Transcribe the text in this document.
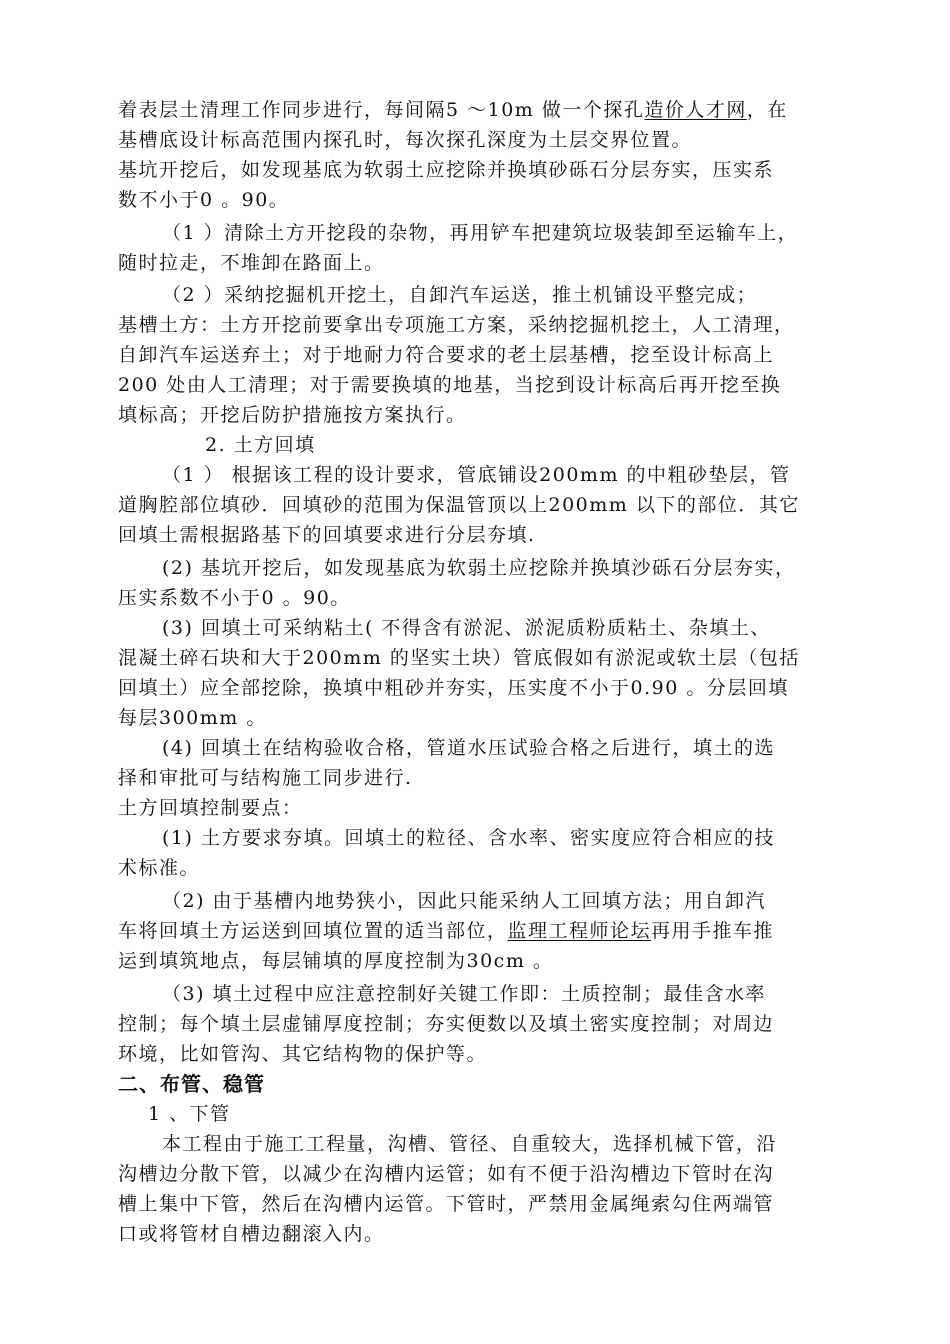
着表层土清理工作同步进行，每间隔5 ～10m 做一个探孔造价人才网，在
基槽底设计标高范围内探孔时，每次探孔深度为土层交界位置。
基坑开挖后，如发现基底为软弱土应挖除并换填砂砾石分层夯实，压实系
数不小于0 。90。
（1 ）清除土方开挖段的杂物，再用铲车把建筑垃圾装卸至运输车上，
随时拉走，不堆卸在路面上。
（2 ）采纳挖掘机开挖土，自卸汽车运送，推土机铺设平整完成；
基槽土方：土方开挖前要拿出专项施工方案，采纳挖掘机挖土，人工清理，
自卸汽车运送弃土；对于地耐力符合要求的老土层基槽，挖至设计标高上
200 处由人工清理；对于需要换填的地基，当挖到设计标高后再开挖至换
填标高；开挖后防护措施按方案执行。
2. 土方回填
（1 ） 根据该工程的设计要求，管底铺设200mm 的中粗砂垫层，管
道胸腔部位填砂．回填砂的范围为保温管顶以上200mm 以下的部位．其它
回填土需根据路基下的回填要求进行分层夯填.
(2) 基坑开挖后，如发现基底为软弱土应挖除并换填沙砾石分层夯实，
压实系数不小于0 。90。
(3) 回填土可采纳粘土( 不得含有淤泥、淤泥质粉质粘土、杂填土、
混凝土碎石块和大于200mm 的坚实土块）管底假如有淤泥或软土层（包括
回填土）应全部挖除，换填中粗砂并夯实，压实度不小于0.90 。分层回填
每层300mm 。
(4) 回填土在结构验收合格，管道水压试验合格之后进行，填土的选
择和审批可与结构施工同步进行.
土方回填控制要点：
(1) 土方要求夯填。回填土的粒径、含水率、密实度应符合相应的技
术标准。
（2) 由于基槽内地势狭小，因此只能采纳人工回填方法；用自卸汽
车将回填土方运送到回填位置的适当部位，监理工程师论坛再用手推车推
运到填筑地点，每层铺填的厚度控制为30cm 。
（3) 填土过程中应注意控制好关键工作即：土质控制；最佳含水率
控制；每个填土层虚铺厚度控制；夯实便数以及填土密实度控制；对周边
环境，比如管沟、其它结构物的保护等。
二、布管、稳管
1 、下管
本工程由于施工工程量，沟槽、管径、自重较大，选择机械下管，沿
沟槽边分散下管，以减少在沟槽内运管；如有不便于沿沟槽边下管时在沟
槽上集中下管，然后在沟槽内运管。下管时，严禁用金属绳索勾住两端管
口或将管材自槽边翻滚入内。
